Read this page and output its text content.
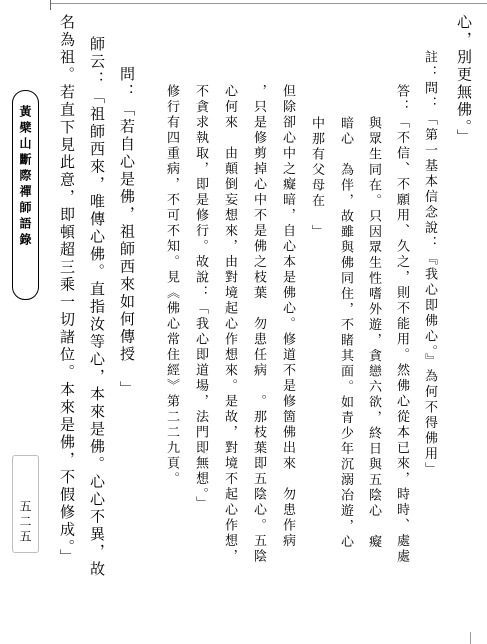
黃檗山斷際禪師語錄
五二五
心，別更無佛。」
註：問：「第一基本信念說：『我心即佛心。』為何不得佛用」
答：「不信、不願用、久之，則不能用。然佛心從本已來，時時、處處
與眾生同在。只因眾生性嗜外遊，貪戀六欲，終日與五陰心　癡
暗心　為伴，故雖與佛同住，不睹其面。如青少年沉溺冶遊，心
中那有父母在　」
但除卻心中之癡暗，自心本是佛心。修道不是修箇佛出來　勿患作病
，只是修剪掉心中不是佛之枝葉　勿患任病　。那枝葉即五陰心。五陰
心何來　由顛倒妄想來，由對境起心作想來。是故，對境不起心作想，
不貪求執取，即是修行。故說：「我心即道場，法門即無想。」
修行有四重病，不可不知。見《佛心常住經》第二二九頁。
問：「若自心是佛，祖師西來如何傳授　」
師云：「祖師西來，唯傳心佛。直指汝等心，本來是佛。心心不異，故
名為祖。若直下見此意，即頓超三乘一切諸位。本來是佛，不假修成。」
